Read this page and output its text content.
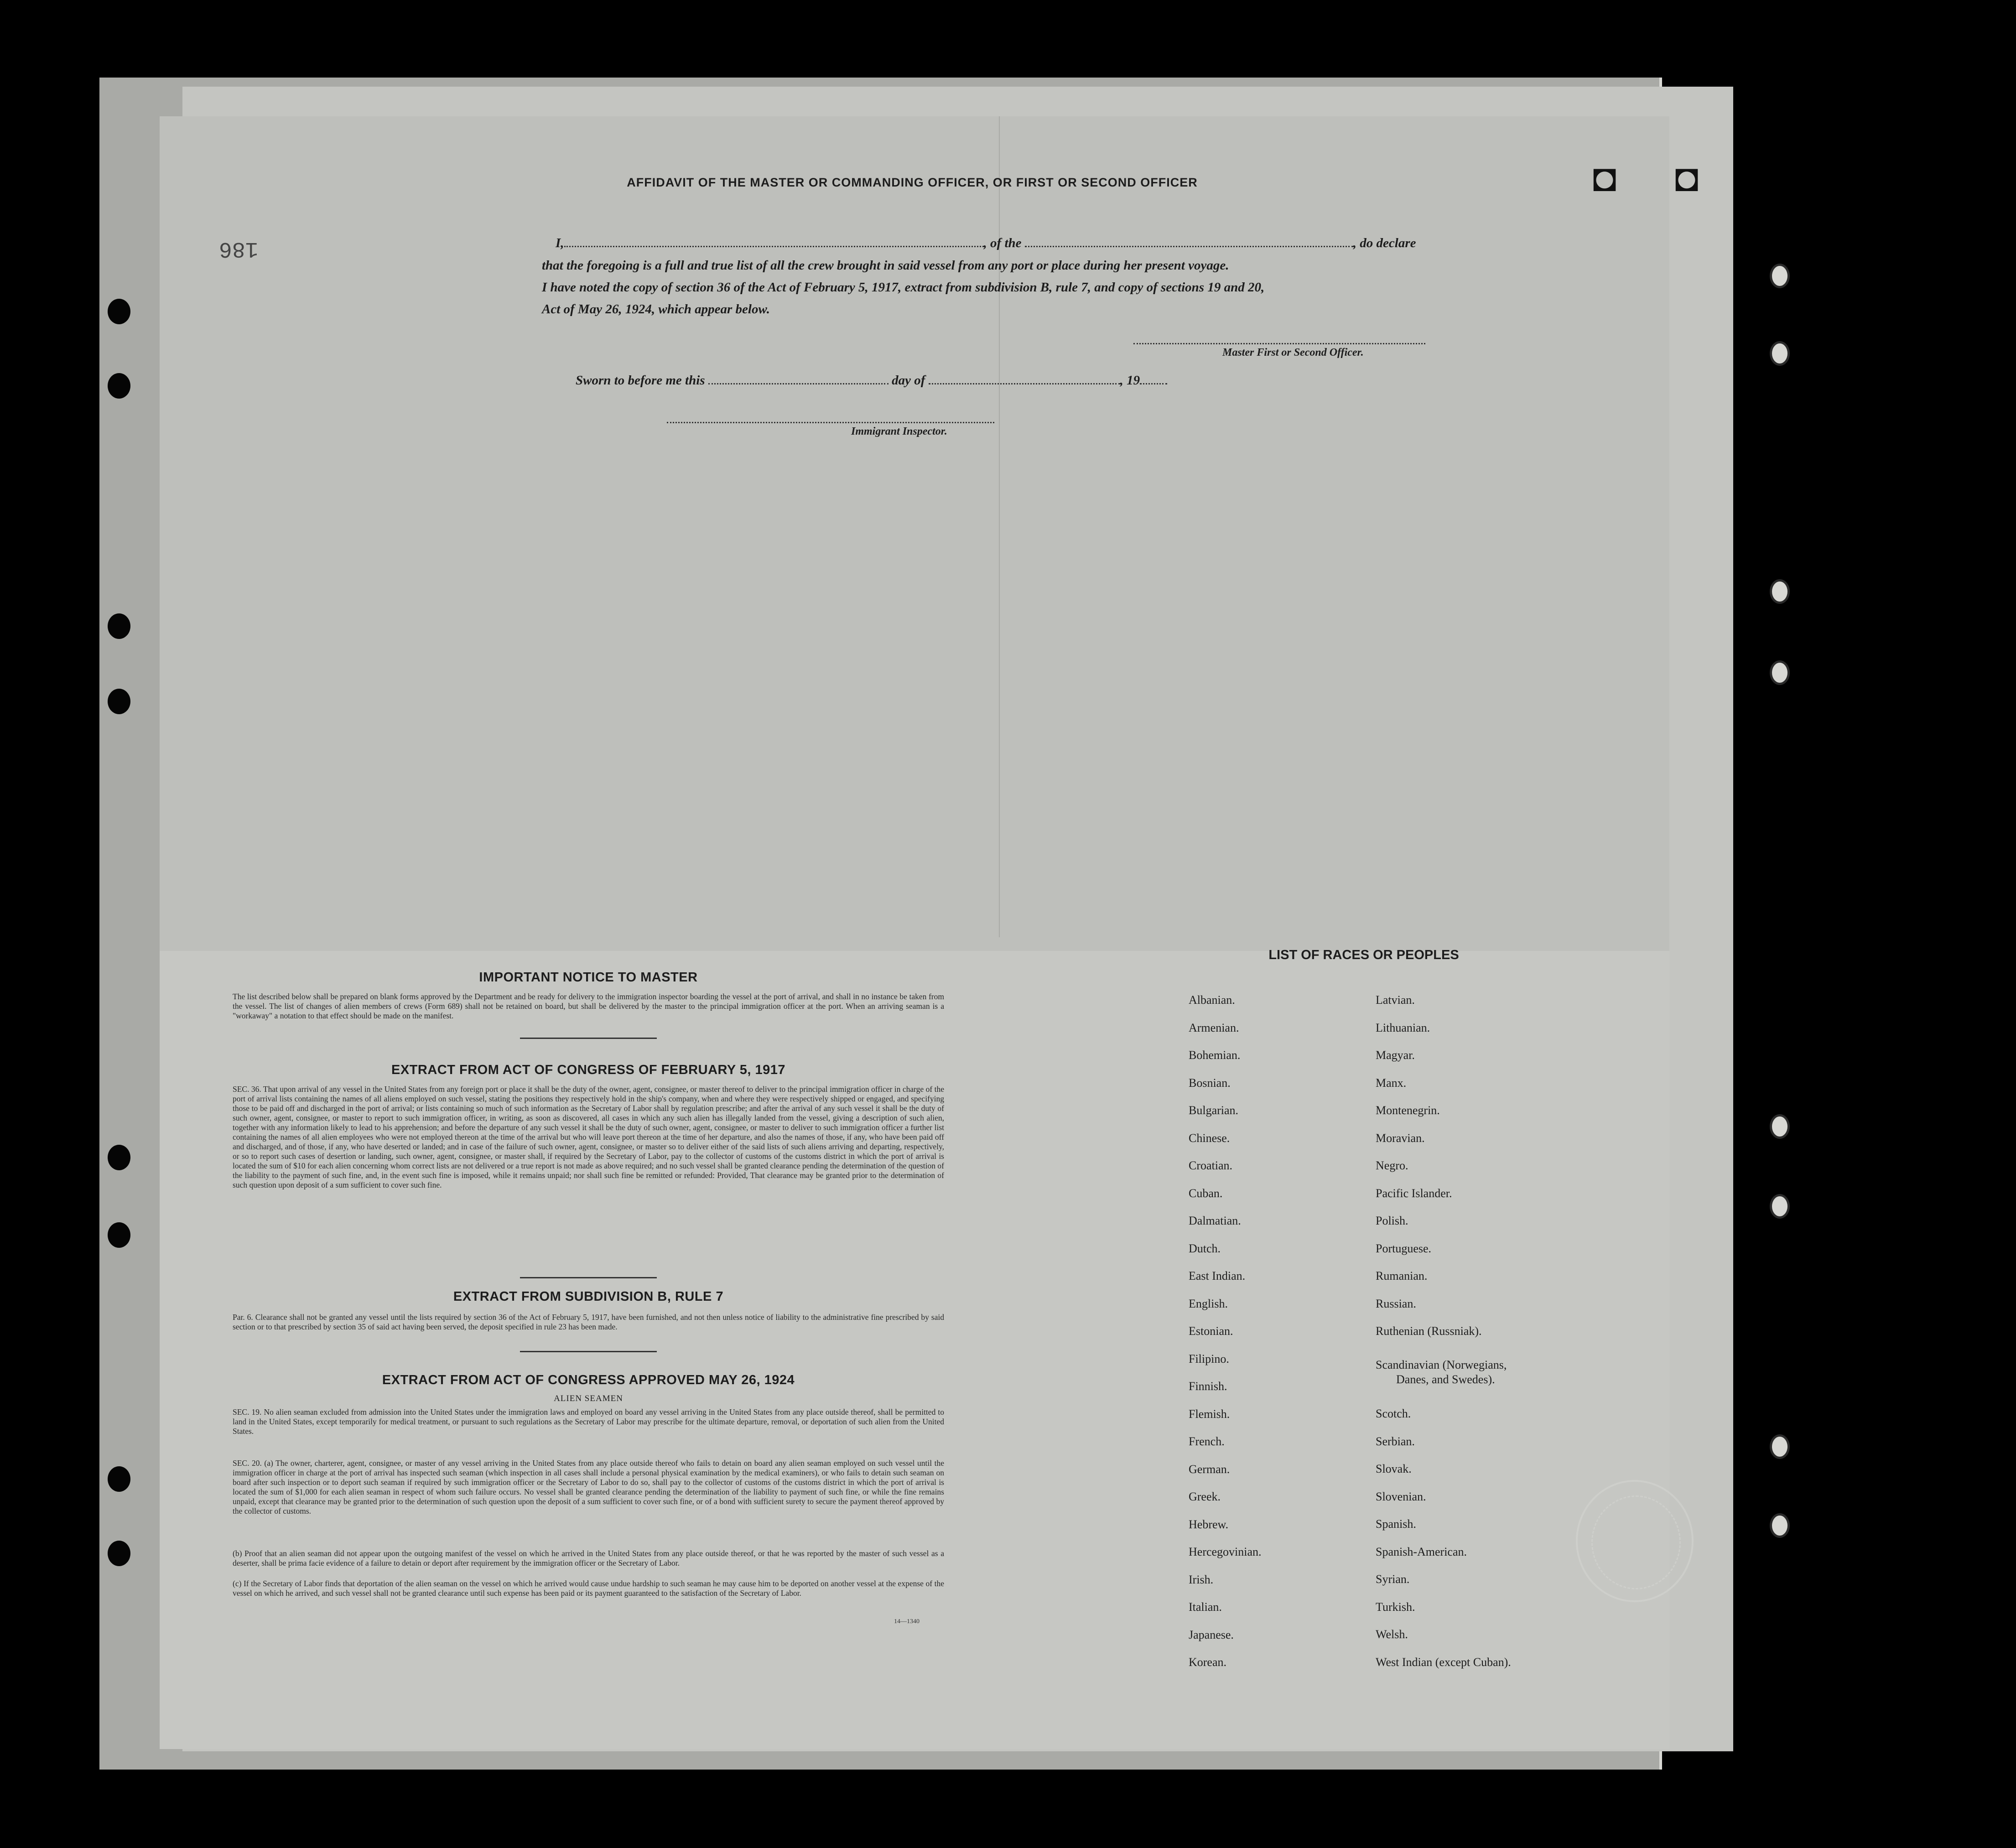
186
◘ ◘
AFFIDAVIT OF THE MASTER OR COMMANDING OFFICER, OR FIRST OR SECOND OFFICER
I,	, of the	, do declare
that the foregoing is a full and true list of all the crew brought in said vessel from any port or place during her present voyage.
I have noted the copy of section 36 of the Act of February 5, 1917, extract from subdivision B, rule 7, and copy of sections 19 and 20,
Act of May 26, 1924, which appear below.
Master First or Second Officer.
Sworn to before me this	day of	, 19
Immigrant Inspector.
IMPORTANT NOTICE TO MASTER
The list described below shall be prepared on blank forms approved by the Department and be ready for delivery to the immigration inspector boarding the vessel at the port of arrival, and shall in no instance be taken from the vessel. The list of changes of alien members of crews (Form 689) shall not be retained on board, but shall be delivered by the master to the principal immigration officer at the port. When an arriving seaman is a "workaway" a notation to that effect should be made on the manifest.
EXTRACT FROM ACT OF CONGRESS OF FEBRUARY 5, 1917
SEC. 36. That upon arrival of any vessel in the United States from any foreign port or place it shall be the duty of the owner, agent, consignee, or master thereof to deliver to the principal immigration officer in charge of the port of arrival lists containing the names of all aliens employed on such vessel, stating the positions they respectively hold in the ship's company, when and where they were respectively shipped or engaged, and specifying those to be paid off and discharged in the port of arrival; or lists containing so much of such information as the Secretary of Labor shall by regulation prescribe; and after the arrival of any such vessel it shall be the duty of such owner, agent, consignee, or master to report to such immigration officer, in writing, as soon as discovered, all cases in which any such alien has illegally landed from the vessel, giving a description of such alien, together with any information likely to lead to his apprehension; and before the departure of any such vessel it shall be the duty of such owner, agent, consignee, or master to deliver to such immigration officer a further list containing the names of all alien employees who were not employed thereon at the time of the arrival but who will leave port thereon at the time of her departure, and also the names of those, if any, who have been paid off and discharged, and of those, if any, who have deserted or landed; and in case of the failure of such owner, agent, consignee, or master so to deliver either of the said lists of such aliens arriving and departing, respectively, or so to report such cases of desertion or landing, such owner, agent, consignee, or master shall, if required by the Secretary of Labor, pay to the collector of customs of the customs district in which the port of arrival is located the sum of $10 for each alien concerning whom correct lists are not delivered or a true report is not made as above required; and no such vessel shall be granted clearance pending the determination of the question of the liability to the payment of such fine, and, in the event such fine is imposed, while it remains unpaid; nor shall such fine be remitted or refunded: Provided, That clearance may be granted prior to the determination of such question upon deposit of a sum sufficient to cover such fine.
EXTRACT FROM SUBDIVISION B, RULE 7
Par. 6. Clearance shall not be granted any vessel until the lists required by section 36 of the Act of February 5, 1917, have been furnished, and not then unless notice of liability to the administrative fine prescribed by said section or to that prescribed by section 35 of said act having been served, the deposit specified in rule 23 has been made.
EXTRACT FROM ACT OF CONGRESS APPROVED MAY 26, 1924
ALIEN SEAMEN
SEC. 19. No alien seaman excluded from admission into the United States under the immigration laws and employed on board any vessel arriving in the United States from any place outside thereof, shall be permitted to land in the United States, except temporarily for medical treatment, or pursuant to such regulations as the Secretary of Labor may prescribe for the ultimate departure, removal, or deportation of such alien from the United States.
SEC. 20. (a) The owner, charterer, agent, consignee, or master of any vessel arriving in the United States from any place outside thereof who fails to detain on board any alien seaman employed on such vessel until the immigration officer in charge at the port of arrival has inspected such seaman (which inspection in all cases shall include a personal physical examination by the medical examiners), or who fails to detain such seaman on board after such inspection or to deport such seaman if required by such immigration officer or the Secretary of Labor to do so, shall pay to the collector of customs of the customs district in which the port of arrival is located the sum of $1,000 for each alien seaman in respect of whom such failure occurs. No vessel shall be granted clearance pending the determination of the liability to payment of such fine, or while the fine remains unpaid, except that clearance may be granted prior to the determination of such question upon the deposit of a sum sufficient to cover such fine, or of a bond with sufficient surety to secure the payment thereof approved by the collector of customs.
(b) Proof that an alien seaman did not appear upon the outgoing manifest of the vessel on which he arrived in the United States from any place outside thereof, or that he was reported by the master of such vessel as a deserter, shall be prima facie evidence of a failure to detain or deport after requirement by the immigration officer or the Secretary of Labor.
(c) If the Secretary of Labor finds that deportation of the alien seaman on the vessel on which he arrived would cause undue hardship to such seaman he may cause him to be deported on another vessel at the expense of the vessel on which he arrived, and such vessel shall not be granted clearance until such expense has been paid or its payment guaranteed to the satisfaction of the Secretary of Labor.
14—1340
LIST OF RACES OR PEOPLES
Albanian.
Armenian.
Bohemian.
Bosnian.
Bulgarian.
Chinese.
Croatian.
Cuban.
Dalmatian.
Dutch.
East Indian.
English.
Estonian.
Filipino.
Finnish.
Flemish.
French.
German.
Greek.
Hebrew.
Hercegovinian.
Irish.
Italian.
Japanese.
Korean.
Latvian.
Lithuanian.
Magyar.
Manx.
Montenegrin.
Moravian.
Negro.
Pacific Islander.
Polish.
Portuguese.
Rumanian.
Russian.
Ruthenian (Russniak).
Scandinavian (Norwegians,
Danes, and Swedes).
Scotch.
Serbian.
Slovak.
Slovenian.
Spanish.
Spanish-American.
Syrian.
Turkish.
Welsh.
West Indian (except Cuban).
